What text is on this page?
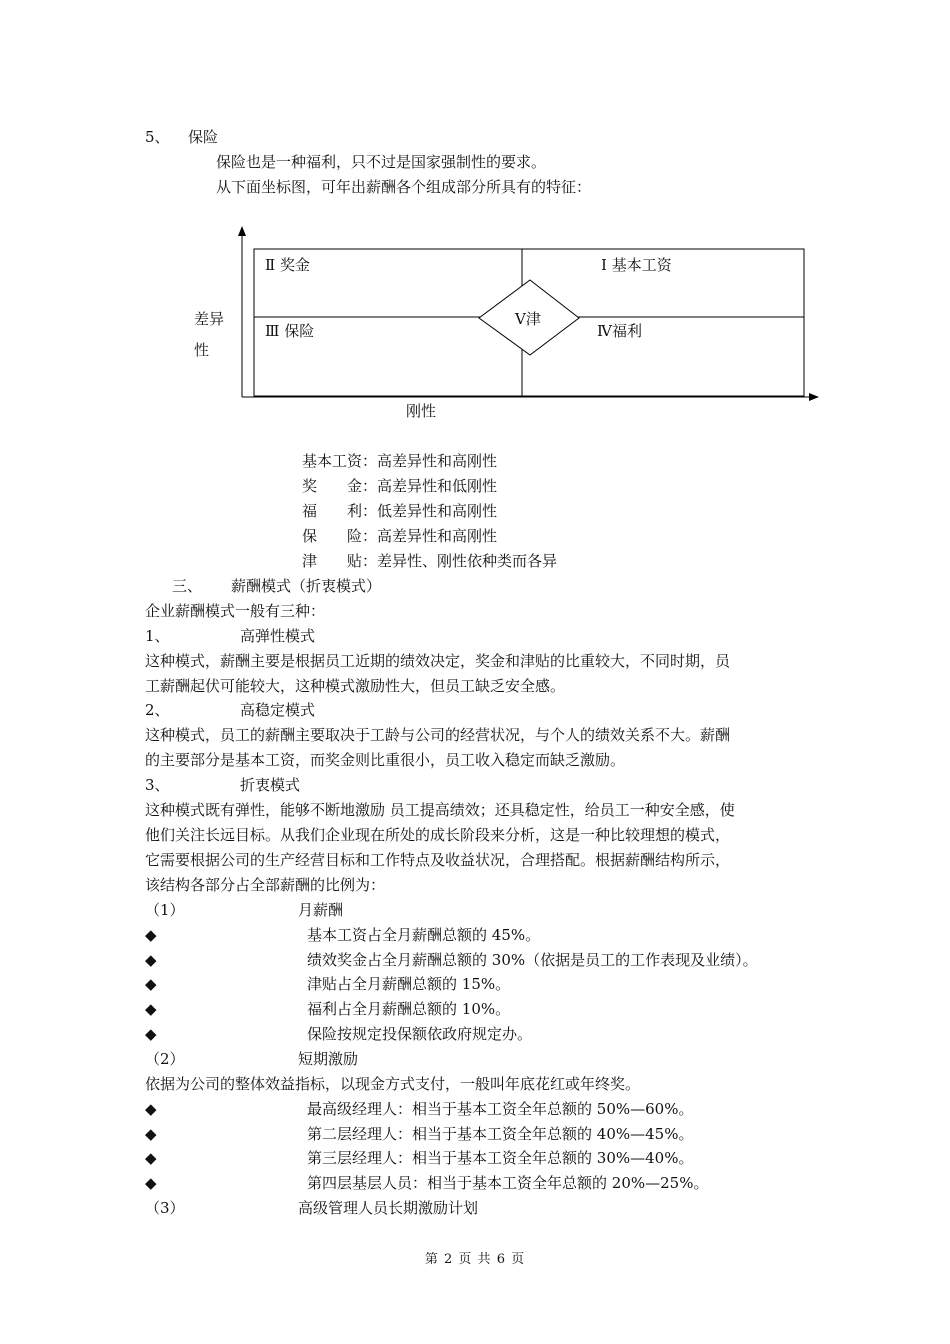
5、 保险
保险也是一种福利，只不过是国家强制性的要求。
从下面坐标图，可年出薪酬各个组成部分所具有的特征：
Ⅱ 奖金	Ⅰ 基本工资
Ⅲ 保险	Ⅳ福利
Ⅴ津
差异
性
刚性
基本工资：高差异性和高刚性
奖　　金：高差异性和低刚性
福　　利：低差异性和高刚性
保　　险：高差异性和高刚性
津　　贴：差异性、刚性依种类而各异
三、 薪酬模式（折衷模式）
企业薪酬模式一般有三种：
1、	高弹性模式
这种模式，薪酬主要是根据员工近期的绩效决定，奖金和津贴的比重较大，不同时期，员
工薪酬起伏可能较大，这种模式激励性大，但员工缺乏安全感。
2、	高稳定模式
这种模式，员工的薪酬主要取决于工龄与公司的经营状况，与个人的绩效关系不大。薪酬
的主要部分是基本工资，而奖金则比重很小，员工收入稳定而缺乏激励。
3、	折衷模式
这种模式既有弹性，能够不断地激励 员工提高绩效；还具稳定性，给员工一种安全感，使
他们关注长远目标。从我们企业现在所处的成长阶段来分析，这是一种比较理想的模式，
它需要根据公司的生产经营目标和工作特点及收益状况，合理搭配。根据薪酬结构所示，
该结构各部分占全部薪酬的比例为：
（1）	月薪酬
◆	基本工资占全月薪酬总额的 45%。
◆	绩效奖金占全月薪酬总额的 30%（依据是员工的工作表现及业绩）。
◆	津贴占全月薪酬总额的 15%。
◆	福利占全月薪酬总额的 10%。
◆	保险按规定投保额依政府规定办。
（2）	短期激励
依据为公司的整体效益指标，以现金方式支付，一般叫年底花红或年终奖。
◆	最高级经理人：相当于基本工资全年总额的 50%—60%。
◆	第二层经理人：相当于基本工资全年总额的 40%—45%。
◆	第三层经理人：相当于基本工资全年总额的 30%—40%。
◆	第四层基层人员：相当于基本工资全年总额的 20%—25%。
（3）	高级管理人员长期激励计划
第 2 页 共 6 页
